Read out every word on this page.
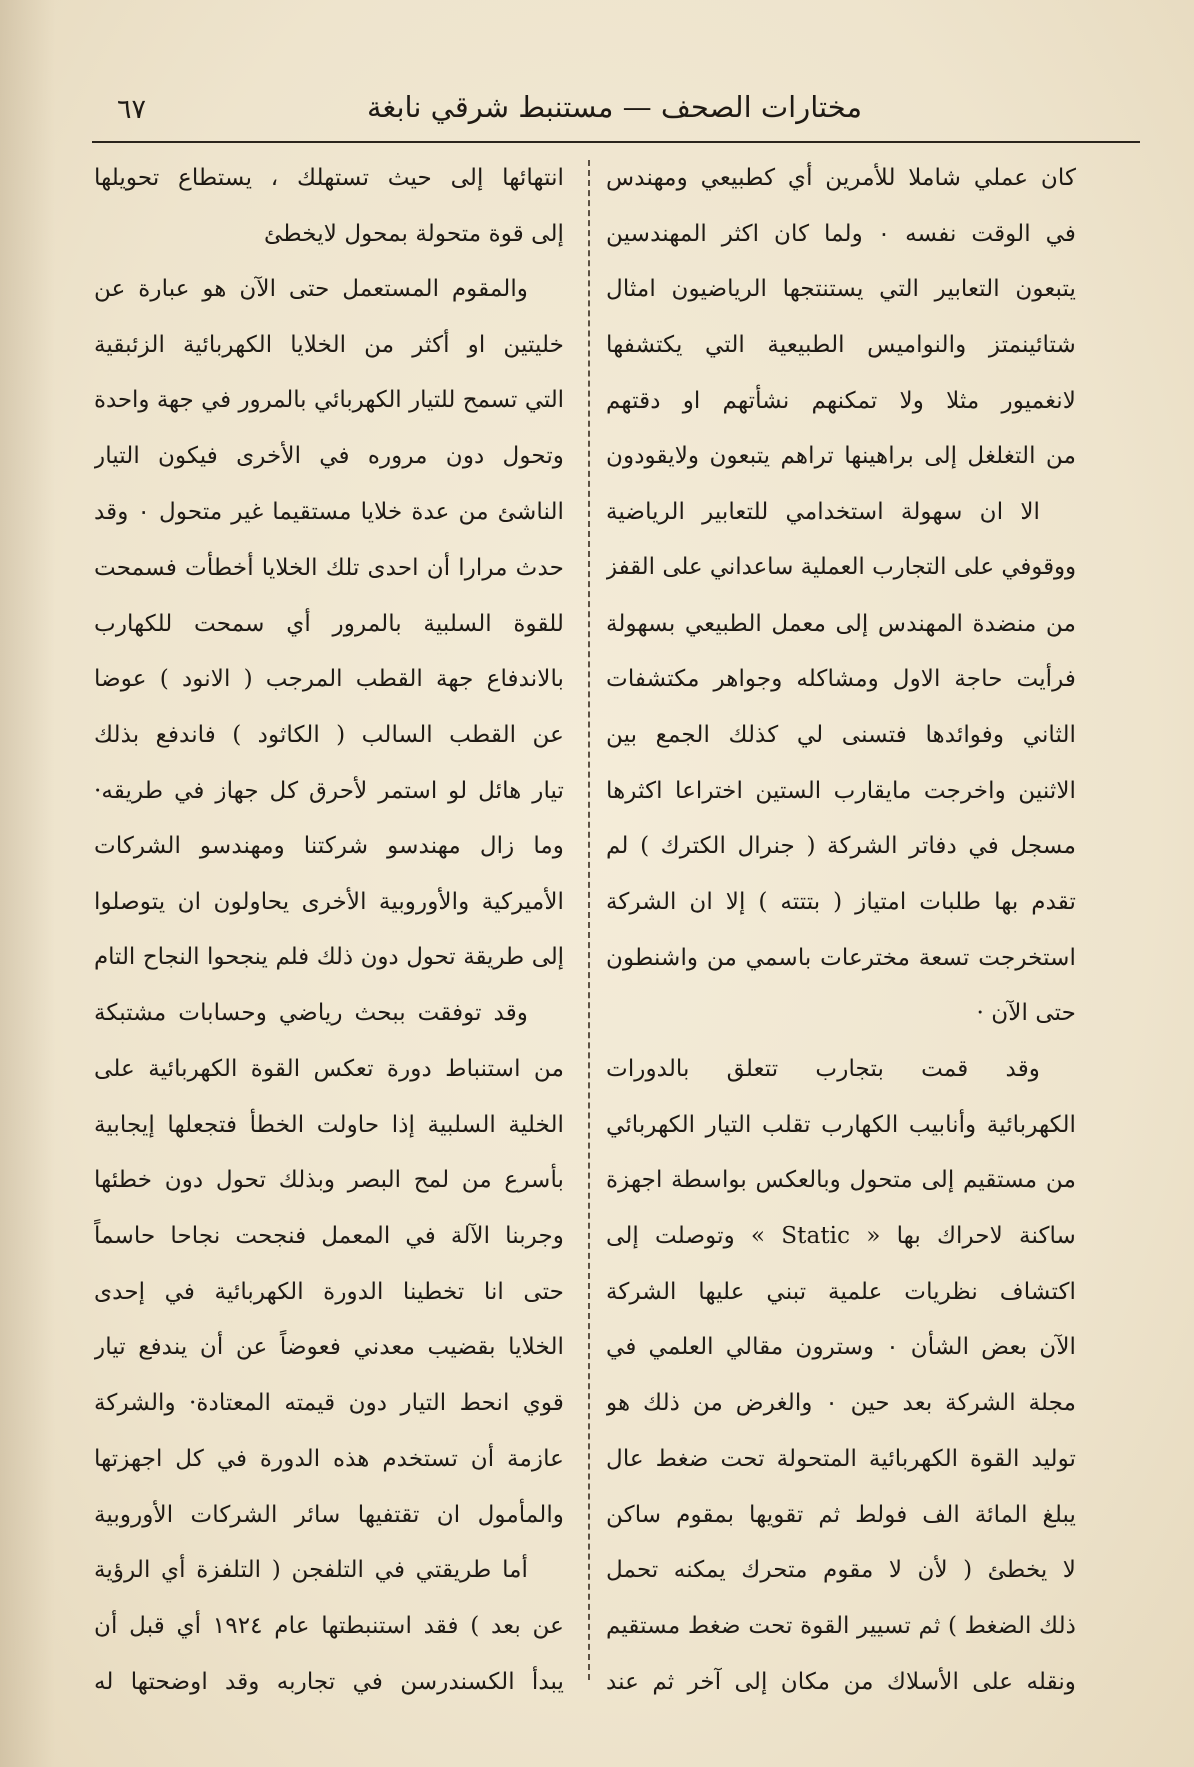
٦٧	مختارات الصحف — مستنبط شرقي نابغة
كان عملي شاملا للأمرين أي كطبيعي ومهندس
في الوقت نفسه ۰ ولما كان اكثر المهندسين
يتبعون التعابير التي يستنتجها الرياضيون امثال
شتائينمتز والنواميس الطبيعية التي يكتشفها
لانغميور مثلا ولا تمكنهم نشأتهم او دقتهم
من التغلغل إلى براهينها تراهم يتبعون ولايقودون
الا ان سهولة استخدامي للتعابير الرياضية
ووقوفي على التجارب العملية ساعداني على القفز
من منضدة المهندس إلى معمل الطبيعي بسهولة
فرأيت حاجة الاول ومشاكله وجواهر مكتشفات
الثاني وفوائدها فتسنى لي كذلك الجمع بين
الاثنين واخرجت مايقارب الستين اختراعا اكثرها
مسجل في دفاتر الشركة ( جنرال الكترك ) لم
تقدم بها طلبات امتياز ( بتتته ) إلا ان الشركة
استخرجت تسعة مخترعات باسمي من واشنطون
حتى الآن ·
وقد قمت بتجارب تتعلق بالدورات
الكهربائية وأنابيب الكهارب تقلب التيار الكهربائي
من مستقيم إلى متحول وبالعكس بواسطة اجهزة
ساكنة لاحراك بها « Static » وتوصلت إلى
اكتشاف نظريات علمية تبني عليها الشركة
الآن بعض الشأن ۰ وسترون مقالي العلمي في
مجلة الشركة بعد حين ۰ والغرض من ذلك هو
توليد القوة الكهربائية المتحولة تحت ضغط عال
يبلغ المائة الف فولط ثم تقويها بمقوم ساكن
لا يخطئ ( لأن لا مقوم متحرك يمكنه تحمل
ذلك الضغط ) ثم تسيير القوة تحت ضغط مستقيم
ونقله على الأسلاك من مكان إلى آخر ثم عند
انتهائها إلى حيث تستهلك ، يستطاع تحويلها
إلى قوة متحولة بمحول لايخطئ
والمقوم المستعمل حتى الآن هو عبارة عن
خليتين او أكثر من الخلايا الكهربائية الزئبقية
التي تسمح للتيار الكهربائي بالمرور في جهة واحدة
وتحول دون مروره في الأخرى فيكون التيار
الناشئ من عدة خلايا مستقيما غير متحول ۰ وقد
حدث مرارا أن احدى تلك الخلايا أخطأت فسمحت
للقوة السلبية بالمرور أي سمحت للكهارب
بالاندفاع جهة القطب المرجب ( الانود ) عوضا
عن القطب السالب ( الكاثود ) فاندفع بذلك
تيار هائل لو استمر لأحرق كل جهاز في طريقه·
وما زال مهندسو شركتنا ومهندسو الشركات
الأميركية والأوروبية الأخرى يحاولون ان يتوصلوا
إلى طريقة تحول دون ذلك فلم ينجحوا النجاح التام
وقد توفقت ببحث رياضي وحسابات مشتبكة
من استنباط دورة تعكس القوة الكهربائية على
الخلية السلبية إذا حاولت الخطأ فتجعلها إيجابية
بأسرع من لمح البصر وبذلك تحول دون خطئها
وجربنا الآلة في المعمل فنجحت نجاحا حاسماً
حتى انا تخطينا الدورة الكهربائية في إحدى
الخلايا بقضيب معدني فعوضاً عن أن يندفع تيار
قوي انحط التيار دون قيمته المعتادة· والشركة
عازمة أن تستخدم هذه الدورة في كل اجهزتها
والمأمول ان تقتفيها سائر الشركات الأوروبية
أما طريقتي في التلفجن ( التلفزة أي الرؤية
عن بعد ) فقد استنبطتها عام ١٩٢٤ أي قبل أن
يبدأ الكسندرسن في تجاربه وقد اوضحتها له
